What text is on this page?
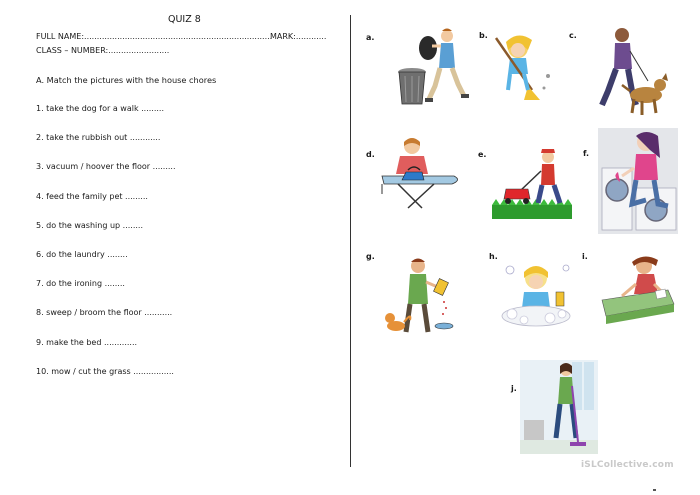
QUIZ 8
FULL NAME:..........................................................................
MARK:............
CLASS – NUMBER:........................
A. Match the pictures with the house chores
1. take the dog for a walk .........
2. take the rubbish out ............
3. vacuum / hoover the floor .........
4. feed the family pet .........
5. do the washing up ........
6. do the laundry ........
7. do the ironing ........
8. sweep / broom the floor ...........
9. make the bed .............
10. mow / cut the grass ................
a.	b.	c.
d.	e.	f.
g.	h.	i.
j.
iSLCollective.com
